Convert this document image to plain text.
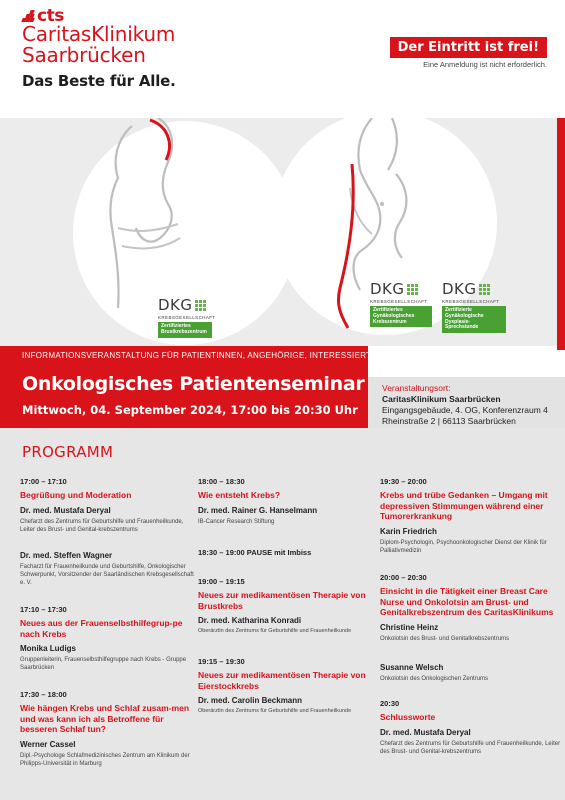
cts
CaritasKlinikum
Saarbrücken
Das Beste für Alle.
Der Eintritt ist frei!
Eine Anmeldung ist nicht erforderlich.
DKG
KREBSGESELLSCHAFT
Zertifiziertes Brustkrebszentrum
DKG
KREBSGESELLSCHAFT
Zertifiziertes Gynäkologisches Krebszentrum
DKG
KREBSGESELLSCHAFT
Zertifizierte Gynäkologische Dysplasie-Sprechstunde
INFORMATIONSVERANSTALTUNG FÜR PATIENTINNEN, ANGEHÖRIGE, INTERESSIERTE
Onkologisches Patientenseminar
Mittwoch, 04. September 2024, 17:00 bis 20:30 Uhr
Veranstaltungsort:
CaritasKlinikum Saarbrücken
Eingangsgebäude, 4. OG, Konferenzraum 4
Rheinstraße 2 | 66113 Saarbrücken
PROGRAMM
17:00 – 17:10
Begrüßung und Moderation
Dr. med. Mustafa Deryal
Chefarzt des Zentrums für Geburtshilfe und Frauenheilkunde, Leiter des Brust- und Genital-krebszentrums
Dr. med. Steffen Wagner
Facharzt für Frauenheilkunde und Geburtshilfe, Onkologischer Schwerpunkt, Vorsitzender der Saarländischen Krebsgesellschaft e. V.
17:10 – 17:30
Neues aus der Frauenselbsthilfegrup-pe nach Krebs
Monika Ludigs
Gruppenleiterin, Frauenselbsthilfegruppe nach Krebs - Gruppe Saarbrücken
17:30 – 18:00
Wie hängen Krebs und Schlaf zusam-men und was kann ich als Betroffene für besseren Schlaf tun?
Werner Cassel
Dipl.-Psychologe Schlafmedizinisches Zentrum am Klinikum der Philipps-Universität in Marburg
18:00 – 18:30
Wie entsteht Krebs?
Dr. med. Rainer G. Hanselmann
IB-Cancer Research Stiftung
18:30 – 19:00 PAUSE mit Imbiss
19:00 – 19:15
Neues zur medikamentösen Therapie von Brustkrebs
Dr. med. Katharina Konradi
Oberärztin des Zentrums für Geburtshilfe und Frauenheilkunde
19:15 – 19:30
Neues zur medikamentösen Therapie von Eierstockkrebs
Dr. med. Carolin Beckmann
Oberärztin des Zentrums für Geburtshilfe und Frauenheilkunde
19:30 – 20:00
Krebs und trübe Gedanken – Umgang mit depressiven Stimmungen während einer Tumorerkrankung
Karin Friedrich
Diplom-Psychologin, Psychoonkologischer Dienst der Klinik für Palliativmedizin
20:00 – 20:30
Einsicht in die Tätigkeit einer Breast Care Nurse und Onkolotsin am Brust- und Genitalkrebszentrum des CaritasKlinikums
Christine Heinz
Onkolotsin des Brust- und Genitalkrebszentrums
Susanne Welsch
Onkolotsin des Onkologischen Zentrums
20:30
Schlussworte
Dr. med. Mustafa Deryal
Chefarzt des Zentrums für Geburtshilfe und Frauenheilkunde, Leiter des Brust- und Genital-krebszentrums
